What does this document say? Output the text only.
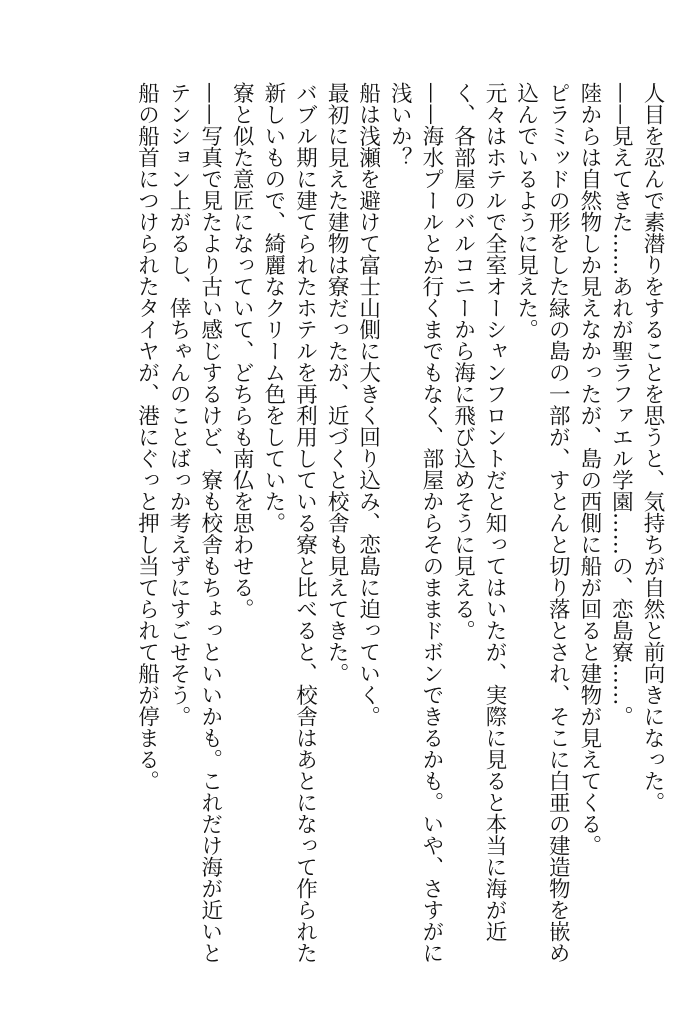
人目を忍んで素潜りをすることを思うと、気持ちが自然と前向きになった。
——見えてきた……あれが聖ラファエル学園……の、恋島寮……。
陸からは自然物しか見えなかったが、島の西側に船が回ると建物が見えてくる。
ピラミッドの形をした緑の島の一部が、すとんと切り落とされ、そこに白亜の建造物を嵌め
込んでいるように見えた。
元々はホテルで全室オーシャンフロントだと知ってはいたが、実際に見ると本当に海が近
く、各部屋のバルコニーから海に飛び込めそうに見える。
——海水プールとか行くまでもなく、部屋からそのままドボンできるかも。いや、さすがに
浅いか？
船は浅瀬を避けて富士山側に大きく回り込み、恋島に迫っていく。
最初に見えた建物は寮だったが、近づくと校舎も見えてきた。
バブル期に建てられたホテルを再利用している寮と比べると、校舎はあとになって作られた
新しいもので、綺麗なクリーム色をしていた。
寮と似た意匠になっていて、どちらも南仏を思わせる。
——写真で見たより古い感じするけど、寮も校舎もちょっといいかも。これだけ海が近いと
テンション上がるし、倖ちゃんのことばっか考えずにすごせそう。
船の船首につけられたタイヤが、港にぐっと押し当てられて船が停まる。
